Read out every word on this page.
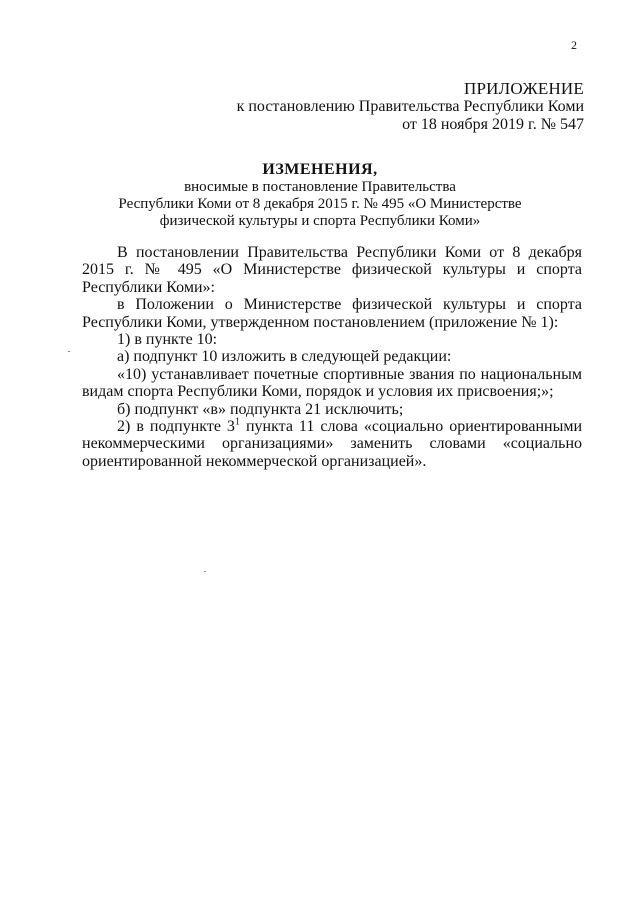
2
ПРИЛОЖЕНИЕ
к постановлению Правительства Республики Коми
от 18 ноября 2019 г. № 547
ИЗМЕНЕНИЯ,
вносимые в постановление Правительства
Республики Коми от 8 декабря 2015 г. № 495 «О Министерстве
физической культуры и спорта Республики Коми»

В постановлении Правительства Республики Коми от 8 декабря 2015 г. № 495 «О Министерстве физической культуры и спорта Республики Коми»:

в Положении о Министерстве физической культуры и спорта Республики Коми, утвержденном постановлением (приложение № 1):

1) в пункте 10:

а) подпункт 10 изложить в следующей редакции:

«10) устанавливает почетные спортивные звания по национальным видам спорта Республики Коми, порядок и условия их присвоения;»;

б) подпункт «в» подпункта 21 исключить;

2) в подпункте $3^1$ пункта 11 слова «социально ориентированными некоммерческими организациями» заменить словами «социально ориентированной некоммерческой организацией».
